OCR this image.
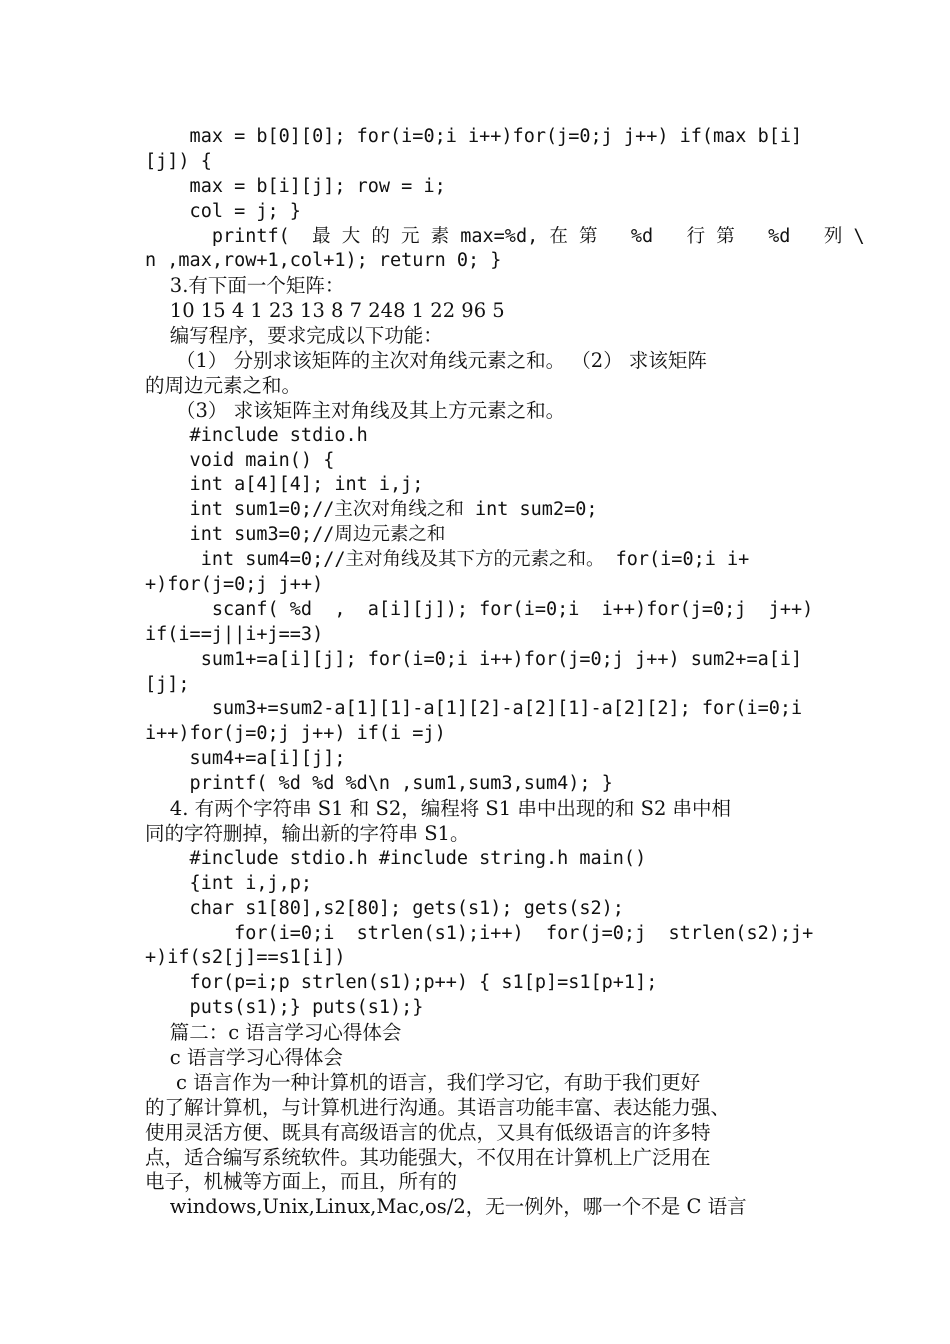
max = b[0][0]; for(i=0;i i++)for(j=0;j j++) if(max b[i]
[j]) {
max = b[i][j]; row = i;
col = j; }
printf(  最 大 的 元 素 max=%d, 在 第   %d   行 第   %d   列 \
n ,max,row+1,col+1); return 0; }
3.有下面一个矩阵：
10 15 4 1 23 13 8 7 248 1 22 96 5
编写程序，要求完成以下功能：
（1） 分别求该矩阵的主次对角线元素之和。 （2） 求该矩阵
的周边元素之和。
（3） 求该矩阵主对角线及其上方元素之和。
#include stdio.h
void main() {
int a[4][4]; int i,j;
int sum1=0;//主次对角线之和 int sum2=0;
int sum3=0;//周边元素之和
int sum4=0;//主对角线及其下方的元素之和。 for(i=0;i i+
+)for(j=0;j j++)
scanf( %d  ,  a[i][j]); for(i=0;i  i++)for(j=0;j  j++)
if(i==j||i+j==3)
sum1+=a[i][j]; for(i=0;i i++)for(j=0;j j++) sum2+=a[i]
[j];
sum3+=sum2-a[1][1]-a[1][2]-a[2][1]-a[2][2]; for(i=0;i
i++)for(j=0;j j++) if(i =j)
sum4+=a[i][j];
printf( %d %d %d\n ,sum1,sum3,sum4); }
4. 有两个字符串 S1 和 S2，编程将 S1 串中出现的和 S2 串中相
同的字符删掉，输出新的字符串 S1。
#include stdio.h #include string.h main()
{int i,j,p;
char s1[80],s2[80]; gets(s1); gets(s2);
for(i=0;i  strlen(s1);i++)  for(j=0;j  strlen(s2);j+
+)if(s2[j]==s1[i])
for(p=i;p strlen(s1);p++) { s1[p]=s1[p+1];
puts(s1);} puts(s1);}
篇二：c 语言学习心得体会
c 语言学习心得体会
c 语言作为一种计算机的语言，我们学习它，有助于我们更好
的了解计算机，与计算机进行沟通。其语言功能丰富、表达能力强、
使用灵活方便、既具有高级语言的优点，又具有低级语言的许多特
点，适合编写系统软件。其功能强大，不仅用在计算机上广泛用在
电子，机械等方面上，而且，所有的
windows,Unix,Linux,Mac,os/2，无一例外，哪一个不是 C 语言
